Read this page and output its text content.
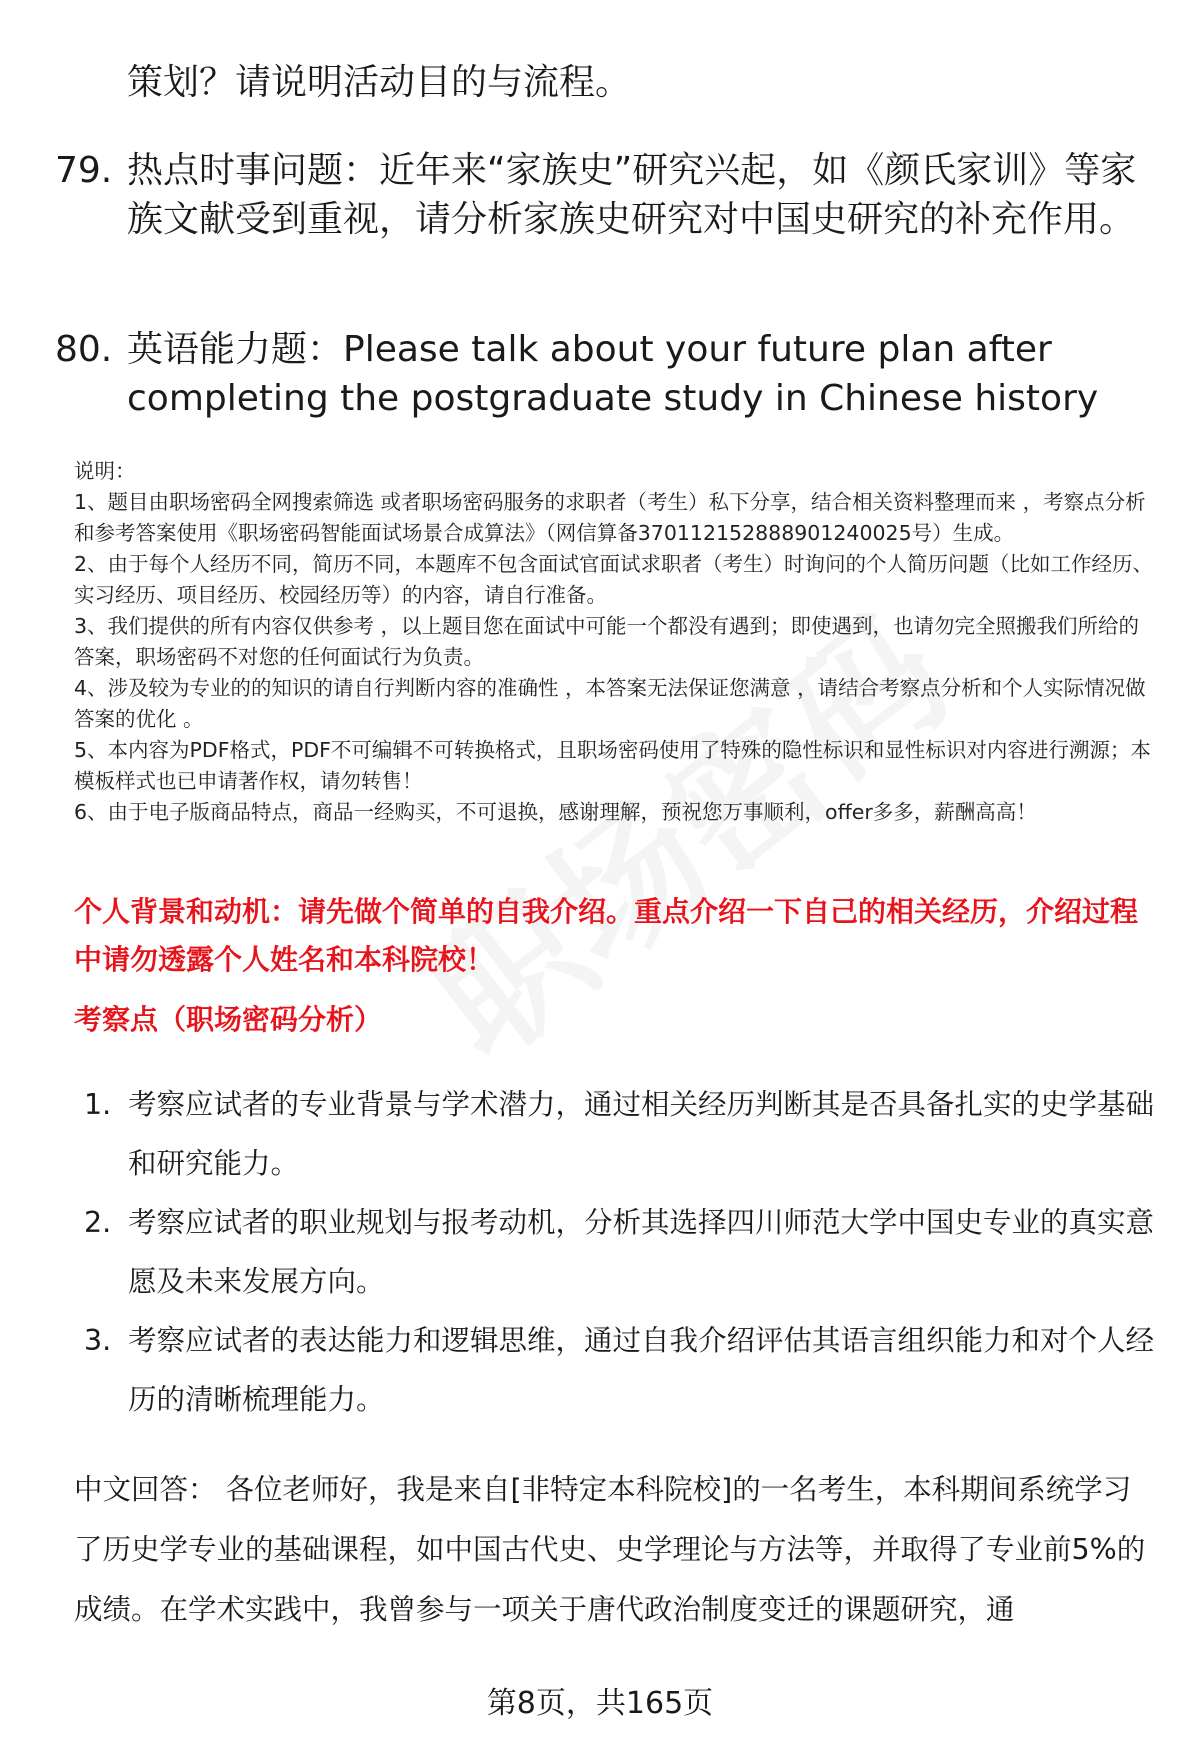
策划？请说明活动目的与流程。
79. 热点时事问题：近年来“家族史”研究兴起，如《颜氏家训》等家族文献受到重视，请分析家族史研究对中国史研究的补充作用。
80. 英语能力题：Please talk about your future plan after completing the postgraduate study in Chinese history

说明：

1、题目由职场密码全网搜索筛选 或者职场密码服务的求职者（考生）私下分享，结合相关资料整理而来 ，考察点分析和参考答案使用《职场密码智能面试场景合成算法》（网信算备370112152888901240025号）生成。

2、由于每个人经历不同，简历不同，本题库不包含面试官面试求职者（考生）时询问的个人简历问题（比如工作经历、实习经历、项目经历、校园经历等）的内容，请自行准备。

3、我们提供的所有内容仅供参考 ，以上题目您在面试中可能一个都没有遇到；即使遇到，也请勿完全照搬我们所给的答案，职场密码不对您的任何面试行为负责。

4、涉及较为专业的的知识的请自行判断内容的准确性 ，本答案无法保证您满意 ，请结合考察点分析和个人实际情况做答案的优化 。

5、本内容为PDF格式，PDF不可编辑不可转换格式，且职场密码使用了特殊的隐性标识和显性标识对内容进行溯源；本模板样式也已申请著作权，请勿转售！

6、由于电子版商品特点，商品一经购买，不可退换，感谢理解，预祝您万事顺利，offer多多，薪酬高高！

个人背景和动机：请先做个简单的自我介绍。重点介绍一下自己的相关经历，介绍过程中请勿透露个人姓名和本科院校！
考察点（职场密码分析）
1. 考察应试者的专业背景与学术潜力，通过相关经历判断其是否具备扎实的史学基础和研究能力。
2. 考察应试者的职业规划与报考动机，分析其选择四川师范大学中国史专业的真实意愿及未来发展方向。
3. 考察应试者的表达能力和逻辑思维，通过自我介绍评估其语言组织能力和对个人经历的清晰梳理能力。
中文回答： 各位老师好，我是来自[非特定本科院校]的一名考生，本科期间系统学习了历史学专业的基础课程，如中国古代史、史学理论与方法等，并取得了专业前5%的成绩。在学术实践中，我曾参与一项关于唐代政治制度变迁的课题研究，通
第8页，共165页
